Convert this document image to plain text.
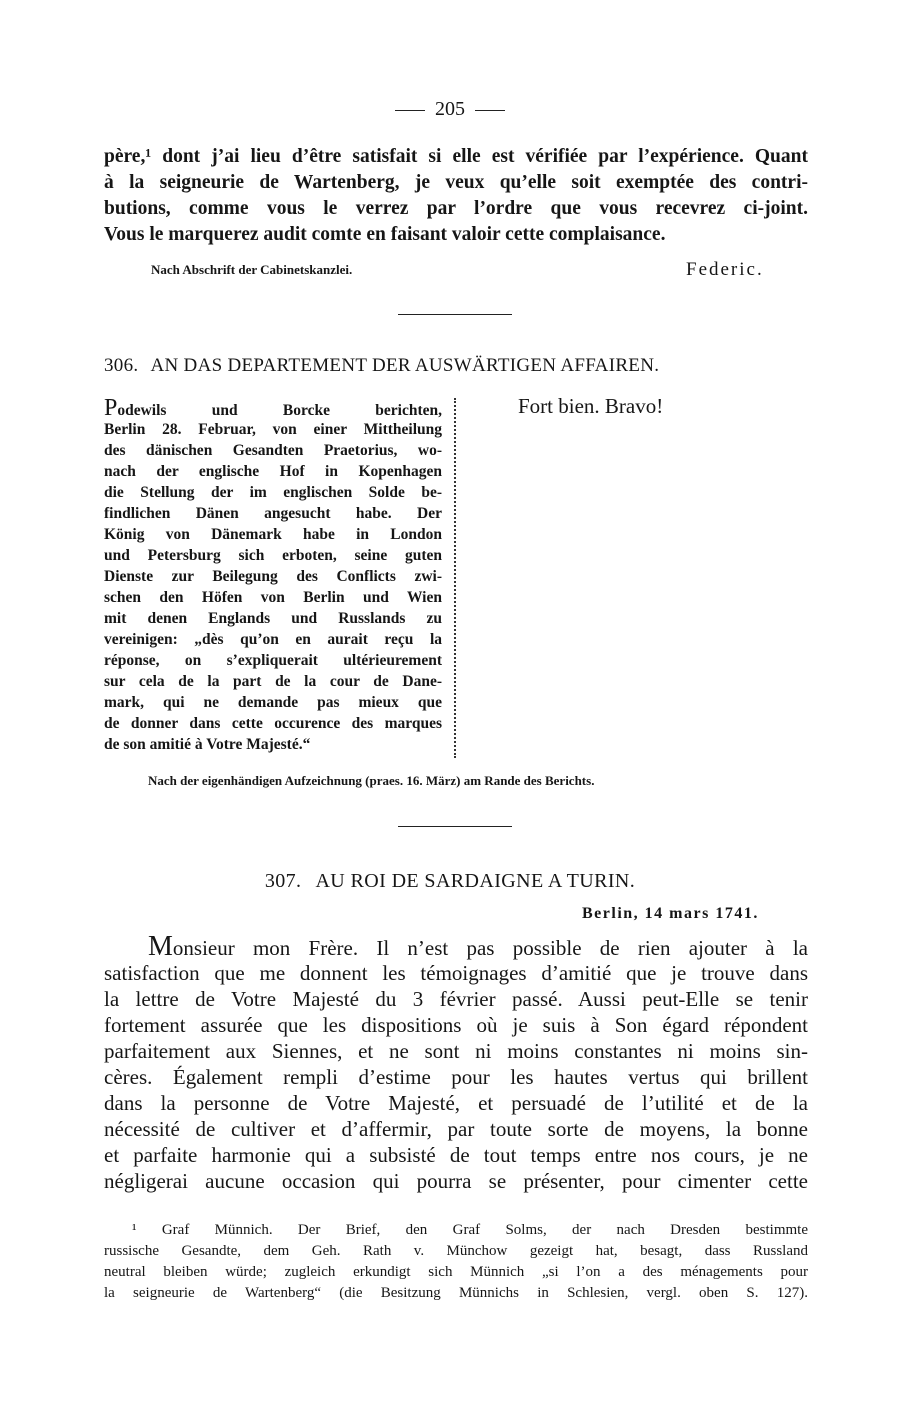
205
père,¹ dont j’ai lieu d’être satisfait si elle est vérifiée par l’expérience. Quant
à la seigneurie de Wartenberg, je veux qu’elle soit exemptée des contri-
butions, comme vous le verrez par l’ordre que vous recevrez ci-joint.
Vous le marquerez audit comte en faisant valoir cette complaisance.
Nach Abschrift der Cabinetskanzlei.	Federic.
306. AN DAS DEPARTEMENT DER AUSWÄRTIGEN AFFAIREN.
Podewils und Borcke berichten,
Berlin 28. Februar, von einer Mittheilung
des dänischen Gesandten Praetorius, wo-
nach der englische Hof in Kopenhagen
die Stellung der im englischen Solde be-
findlichen Dänen angesucht habe. Der
König von Dänemark habe in London
und Petersburg sich erboten, seine guten
Dienste zur Beilegung des Conflicts zwi-
schen den Höfen von Berlin und Wien
mit denen Englands und Russlands zu
vereinigen: „dès qu’on en aurait reçu la
réponse, on s’expliquerait ultérieurement
sur cela de la part de la cour de Dane-
mark, qui ne demande pas mieux que
de donner dans cette occurence des marques
de son amitié à Votre Majesté.“
Fort bien. Bravo!
Nach der eigenhändigen Aufzeichnung (praes. 16. März) am Rande des Berichts.
307. AU ROI DE SARDAIGNE A TURIN.
Berlin, 14 mars 1741.
Monsieur mon Frère. Il n’est pas possible de rien ajouter à la
satisfaction que me donnent les témoignages d’amitié que je trouve dans
la lettre de Votre Majesté du 3 février passé. Aussi peut-Elle se tenir
fortement assurée que les dispositions où je suis à Son égard répondent
parfaitement aux Siennes, et ne sont ni moins constantes ni moins sin-
cères. Également rempli d’estime pour les hautes vertus qui brillent
dans la personne de Votre Majesté, et persuadé de l’utilité et de la
nécessité de cultiver et d’affermir, par toute sorte de moyens, la bonne
et parfaite harmonie qui a subsisté de tout temps entre nos cours, je ne
négligerai aucune occasion qui pourra se présenter, pour cimenter cette
¹ Graf Münnich. Der Brief, den Graf Solms, der nach Dresden bestimmte
russische Gesandte, dem Geh. Rath v. Münchow gezeigt hat, besagt, dass Russland
neutral bleiben würde; zugleich erkundigt sich Münnich „si l’on a des ménagements pour
la seigneurie de Wartenberg“ (die Besitzung Münnichs in Schlesien, vergl. oben S. 127).
